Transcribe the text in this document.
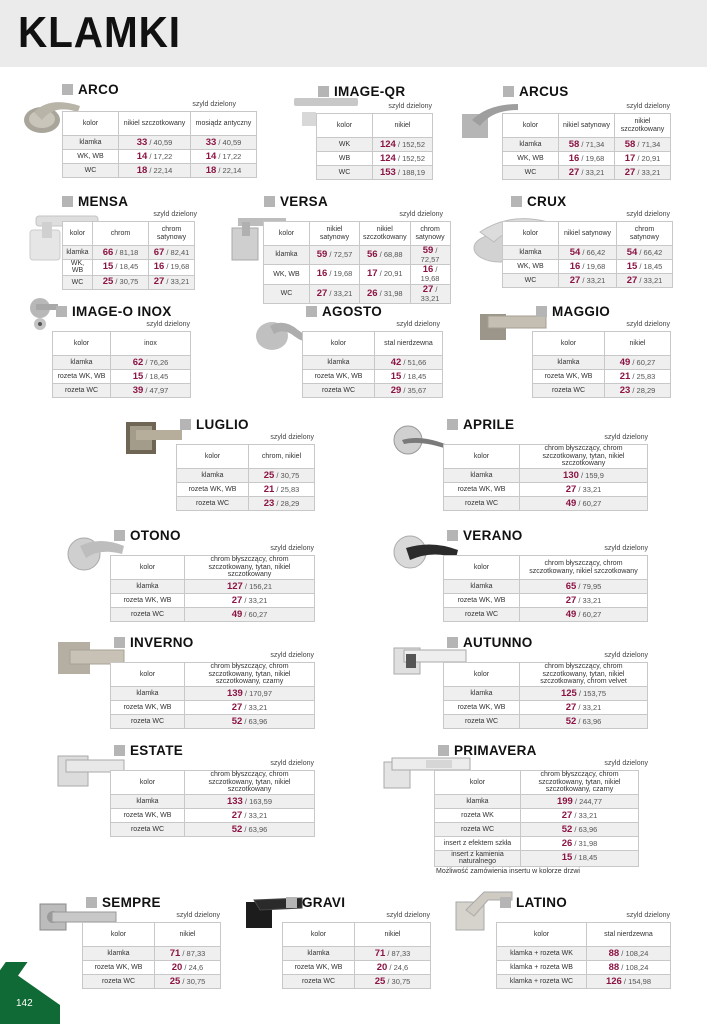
KLAMKI
ARCO
szyld dzielony
kolor	nikiel szczotkowany	mosiądz antyczny
klamka	33 / 40,59	33 / 40,59
WK, WB	14 / 17,22	14 / 17,22
WC	18 / 22,14	18 / 22,14
IMAGE-QR
szyld dzielony
kolor	nikiel
WK	124 / 152,52
WB	124 / 152,52
WC	153 / 188,19
ARCUS
szyld dzielony
kolor	nikiel satynowy	nikiel szczotkowany
klamka	58 / 71,34	58 / 71,34
WK, WB	16 / 19,68	17 / 20,91
WC	27 / 33,21	27 / 33,21
MENSA
szyld dzielony
kolor	chrom	chrom satynowy
klamka	66 / 81,18	67 / 82,41
WK, WB	15 / 18,45	16 / 19,68
WC	25 / 30,75	27 / 33,21
VERSA
szyld dzielony
kolor	nikiel satynowy	nikiel szczotkowany	chrom satynowy
klamka	59 / 72,57	56 / 68,88	59 / 72,57
WK, WB	16 / 19,68	17 / 20,91	16 / 19,68
WC	27 / 33,21	26 / 31,98	27 / 33,21
CRUX
szyld dzielony
kolor	nikiel satynowy	chrom satynowy
klamka	54 / 66,42	54 / 66,42
WK, WB	16 / 19,68	15 / 18,45
WC	27 / 33,21	27 / 33,21
IMAGE-O INOX
szyld dzielony
kolor	inox
klamka	62 / 76,26
rozeta WK, WB	15 / 18,45
rozeta WC	39 / 47,97
AGOSTO
szyld dzielony
kolor	stal nierdzewna
klamka	42 / 51,66
rozeta WK, WB	15 / 18,45
rozeta WC	29 / 35,67
MAGGIO
szyld dzielony
kolor	nikiel
klamka	49 / 60,27
rozeta WK, WB	21 / 25,83
rozeta WC	23 / 28,29
LUGLIO
szyld dzielony
kolor	chrom, nikiel
klamka	25 / 30,75
rozeta WK, WB	21 / 25,83
rozeta WC	23 / 28,29
APRILE
szyld dzielony
kolor	chrom błyszczący, chrom szczotkowany, tytan, nikiel szczotkowany
klamka	130 / 159,9
rozeta WK, WB	27 / 33,21
rozeta WC	49 / 60,27
OTONO
szyld dzielony
kolor	chrom błyszczący, chrom szczotkowany, tytan, nikiel szczotkowany
klamka	127 / 156,21
rozeta WK, WB	27 / 33,21
rozeta WC	49 / 60,27
VERANO
szyld dzielony
kolor	chrom błyszczący, chrom szczotkowany, nikiel szczotkowany
klamka	65 / 79,95
rozeta WK, WB	27 / 33,21
rozeta WC	49 / 60,27
INVERNO
szyld dzielony
kolor	chrom błyszczący, chrom szczotkowany, tytan, nikiel szczotkowany, czarny
klamka	139 / 170,97
rozeta WK, WB	27 / 33,21
rozeta WC	52 / 63,96
AUTUNNO
szyld dzielony
kolor	chrom błyszczący, chrom szczotkowany, tytan, nikiel szczotkowany, chrom velvet
klamka	125 / 153,75
rozeta WK, WB	27 / 33,21
rozeta WC	52 / 63,96
ESTATE
szyld dzielony
kolor	chrom błyszczący, chrom szczotkowany, tytan, nikiel szczotkowany
klamka	133 / 163,59
rozeta WK, WB	27 / 33,21
rozeta WC	52 / 63,96
PRIMAVERA
szyld dzielony
kolor	chrom błyszczący, chrom szczotkowany, tytan, nikiel szczotkowany, czarny
klamka	199 / 244,77
rozeta WK	27 / 33,21
rozeta WC	52 / 63,96
insert z efektem szkła	26 / 31,98
insert z kamienia naturalnego	15 / 18,45
Możliwość zamówienia insertu w kolorze drzwi
SEMPRE
szyld dzielony
kolor	nikiel
klamka	71 / 87,33
rozeta WK, WB	20 / 24,6
rozeta WC	25 / 30,75
GRAVI
szyld dzielony
kolor	nikiel
klamka	71 / 87,33
rozeta WK, WB	20 / 24,6
rozeta WC	25 / 30,75
LATINO
szyld dzielony
kolor	stal nierdzewna
klamka + rozeta WK	88 / 108,24
klamka + rozeta WB	88 / 108,24
klamka + rozeta WC	126 / 154,98
142
